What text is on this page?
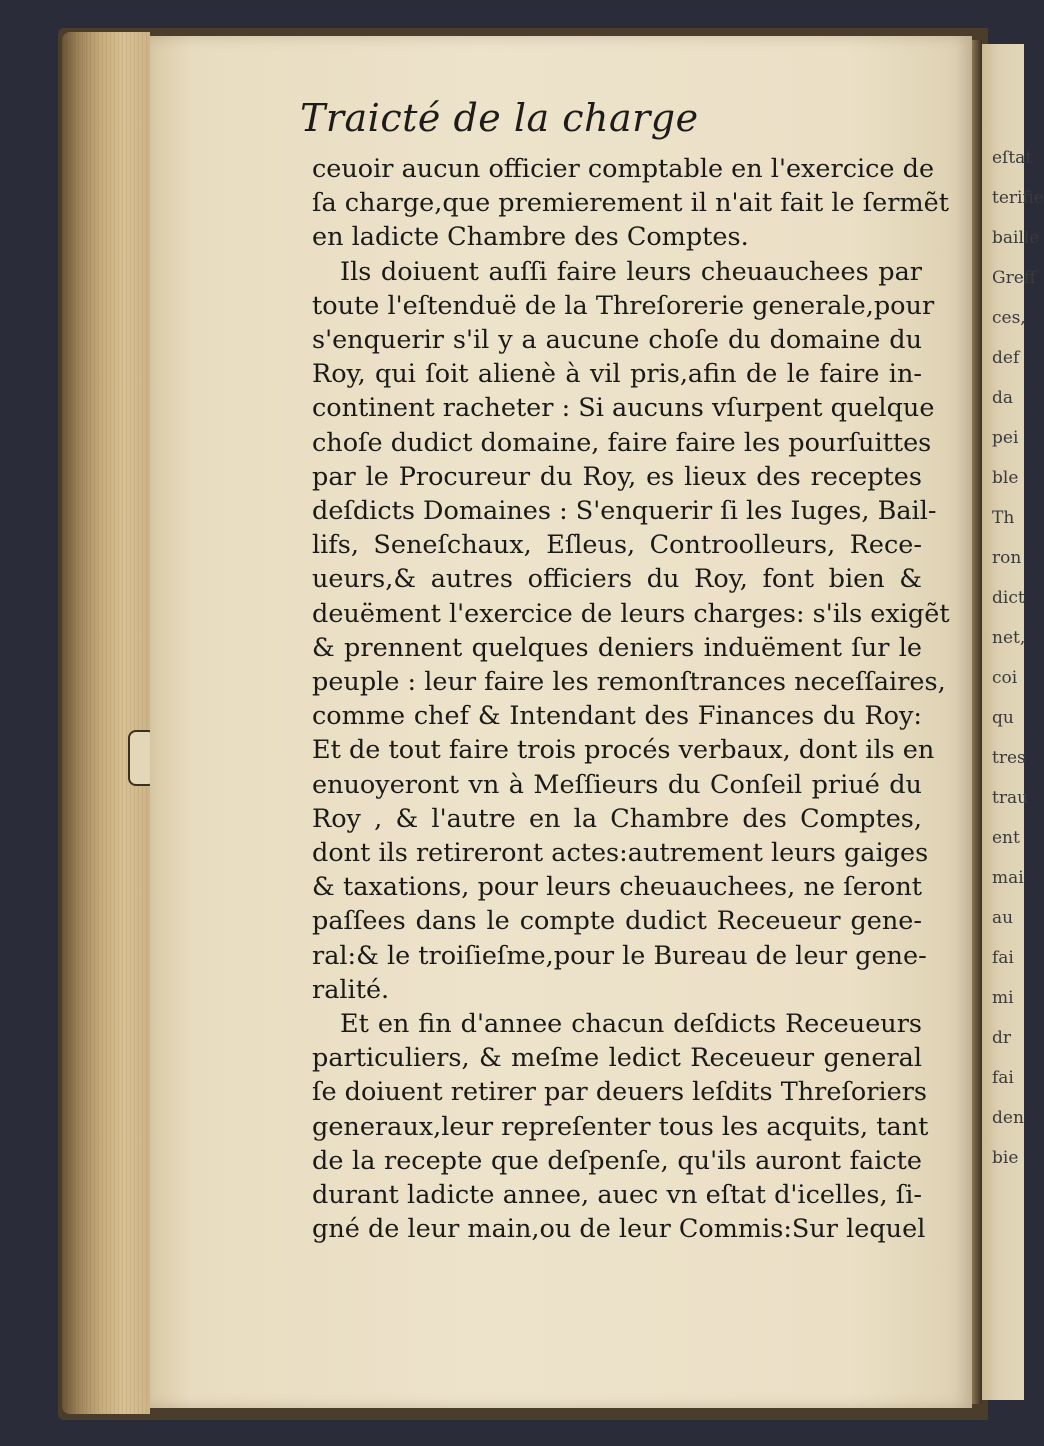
Traicté de la charge
ceuoir aucun officier comptable en l'exercice de
ſa charge,que premierement il n'ait fait le ſermẽt
en ladicte Chambre des Comptes.
Ils doiuent auſſi faire leurs cheuauchees par
toute l'eſtenduë de la Threſorerie generale,pour
s'enquerir s'il y a aucune choſe du domaine du
Roy, qui ſoit alienè à vil pris,afin de le faire in-
continent racheter : Si aucuns vſurpent quelque
choſe dudict domaine, faire faire les pourſuittes
par le Procureur du Roy, es lieux des receptes
deſdicts Domaines : S'enquerir ſi les Iuges, Bail-
lifs, Seneſchaux, Eſleus, Controolleurs, Rece-
ueurs,& autres officiers du Roy, font bien &
deuëment l'exercice de leurs charges: s'ils exigẽt
& prennent quelques deniers induëment ſur le
peuple : leur faire les remonſtrances neceſſaires,
comme chef & Intendant des Finances du Roy:
Et de tout faire trois procés verbaux, dont ils en
enuoyeront vn à Meſſieurs du Conſeil priué du
Roy , & l'autre en la Chambre des Comptes,
dont ils retireront actes:autrement leurs gaiges
& taxations, pour leurs cheuauchees, ne ſeront
paſſees dans le compte dudict Receueur gene-
ral:& le troiſieſme,pour le Bureau de leur gene-
ralité.
Et en fin d'annee chacun deſdicts Receueurs
particuliers, & meſme ledict Receueur general
ſe doiuent retirer par deuers leſdits Threſoriers
generaux,leur repreſenter tous les acquits, tant
de la recepte que deſpenſe, qu'ils auront faicte
durant ladicte annee, auec vn eſtat d'icelles, ſi-
gné de leur main,ou de leur Commis:Sur lequel
eſtat
terifie
baille
Greff
ces,
def
da
pei
ble
Th
ron
dict
net,
coi
qu
tres
trau
ent
mai
au
fai
mi
dr
fai
den
bie
